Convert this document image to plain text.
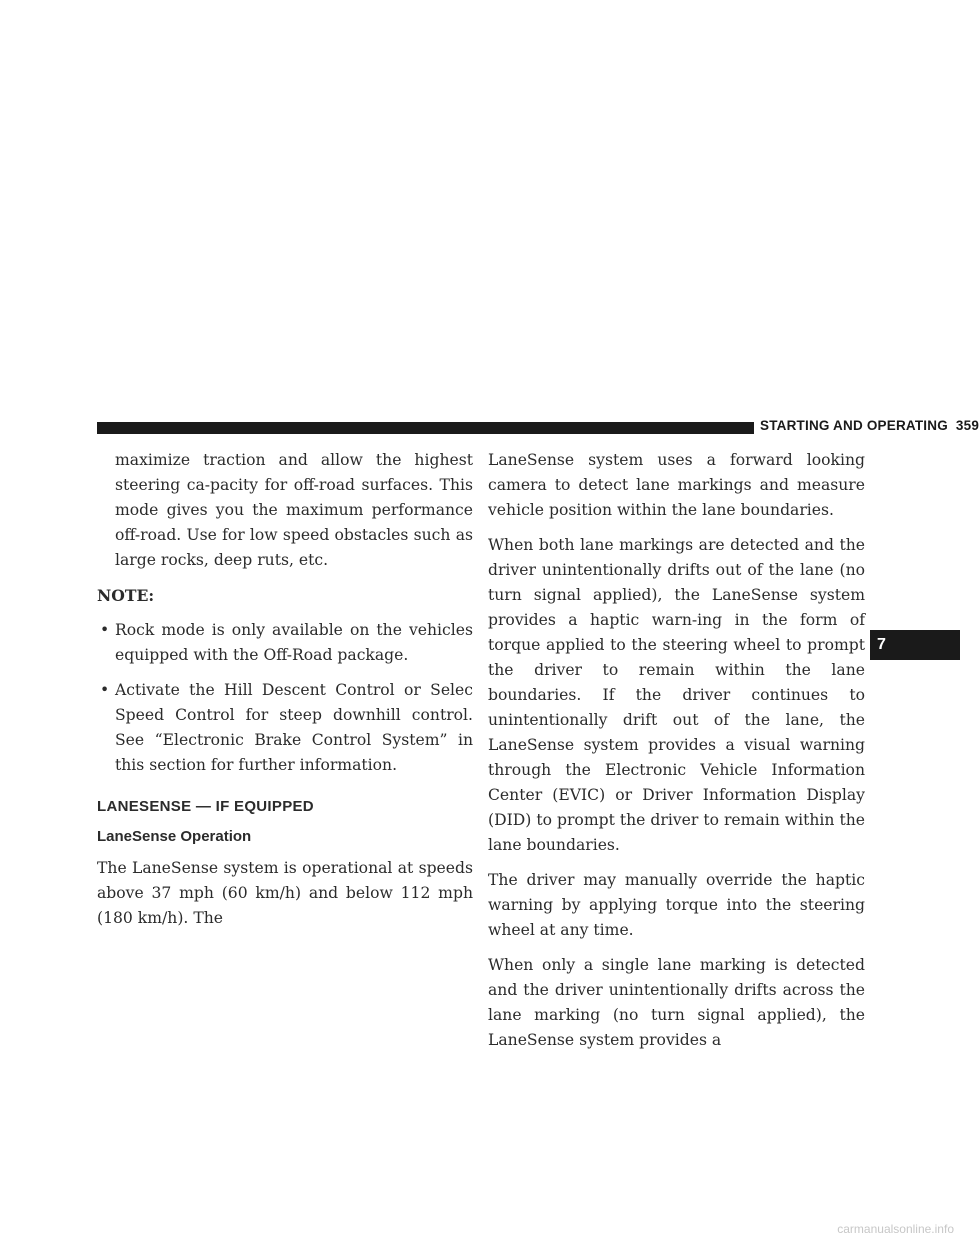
STARTING AND OPERATING 359

maximize traction and allow the highest steering ca-pacity for off-road surfaces. This mode gives you the maximum performance off-road. Use for low speed obstacles such as large rocks, deep ruts, etc.

NOTE:

• Rock mode is only available on the vehicles equipped with the Off-Road package.
• Activate the Hill Descent Control or Selec Speed Control for steep downhill control. See “Electronic Brake Control System” in this section for further information.
LANESENSE — IF EQUIPPED
LaneSense Operation

The LaneSense system is operational at speeds above 37 mph (60 km/h) and below 112 mph (180 km/h). The

LaneSense system uses a forward looking camera to detect lane markings and measure vehicle position within the lane boundaries.

When both lane markings are detected and the driver unintentionally drifts out of the lane (no turn signal applied), the LaneSense system provides a haptic warn-ing in the form of torque applied to the steering wheel to prompt the driver to remain within the lane boundaries. If the driver continues to unintentionally drift out of the lane, the LaneSense system provides a visual warning through the Electronic Vehicle Information Center (EVIC) or Driver Information Display (DID) to prompt the driver to remain within the lane boundaries.

The driver may manually override the haptic warning by applying torque into the steering wheel at any time.

When only a single lane marking is detected and the driver unintentionally drifts across the lane marking (no turn signal applied), the LaneSense system provides a

7
carmanualsonline.info
